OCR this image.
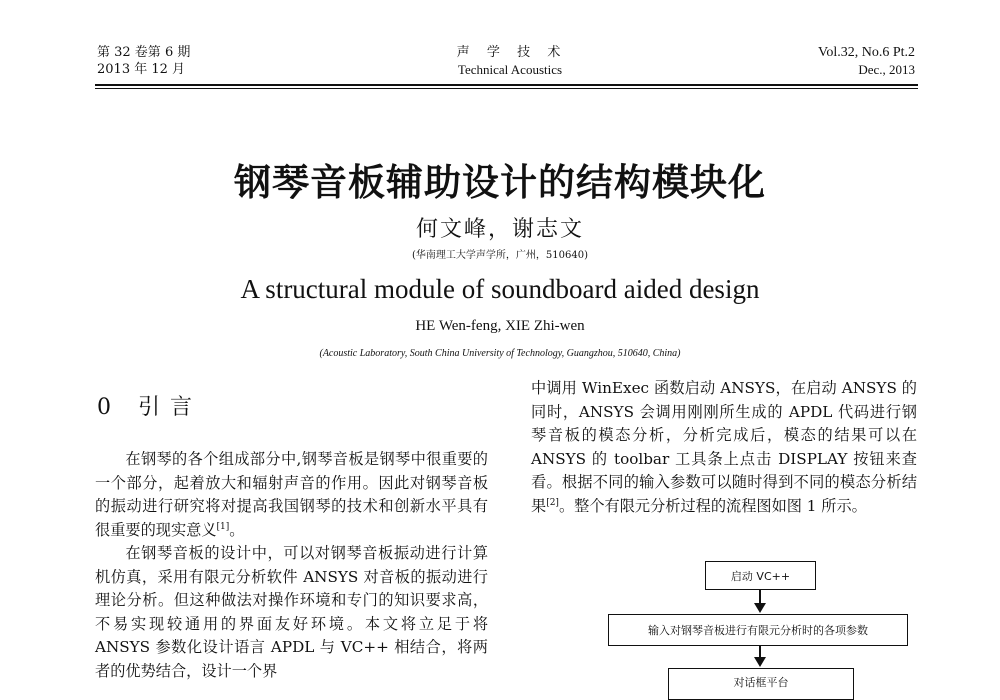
第 32 卷第 6 期
2013 年 12 月
声  学  技  术
Technical Acoustics
Vol.32, No.6 Pt.2
Dec., 2013
钢琴音板辅助设计的结构模块化
何文峰，谢志文
(华南理工大学声学所，广州，510640)
A structural module of soundboard aided design
HE Wen-feng, XIE Zhi-wen
(Acoustic Laboratory, South China University of Technology, Guangzhou, 510640, China)
0 引言

在钢琴的各个组成部分中,钢琴音板是钢琴中很重要的一个部分，起着放大和辐射声音的作用。因此对钢琴音板的振动进行研究将对提高我国钢琴的技术和创新水平具有很重要的现实意义[1]。

在钢琴音板的设计中，可以对钢琴音板振动进行计算机仿真，采用有限元分析软件 ANSYS 对音板的振动进行理论分析。但这种做法对操作环境和专门的知识要求高，不易实现较通用的界面友好环境。本文将立足于将 ANSYS 参数化设计语言 APDL 与 VC++ 相结合，将两者的优势结合，设计一个界

中调用 WinExec 函数启动 ANSYS，在启动 ANSYS 的同时，ANSYS 会调用刚刚所生成的 APDL 代码进行钢琴音板的模态分析，分析完成后，模态的结果可以在 ANSYS 的 toolbar 工具条上点击 DISPLAY 按钮来查看。根据不同的输入参数可以随时得到不同的模态分析结果[2]。整个有限元分析过程的流程图如图 1 所示。

启动 VC++
输入对钢琴音板进行有限元分析时的各项参数
对话框平台
